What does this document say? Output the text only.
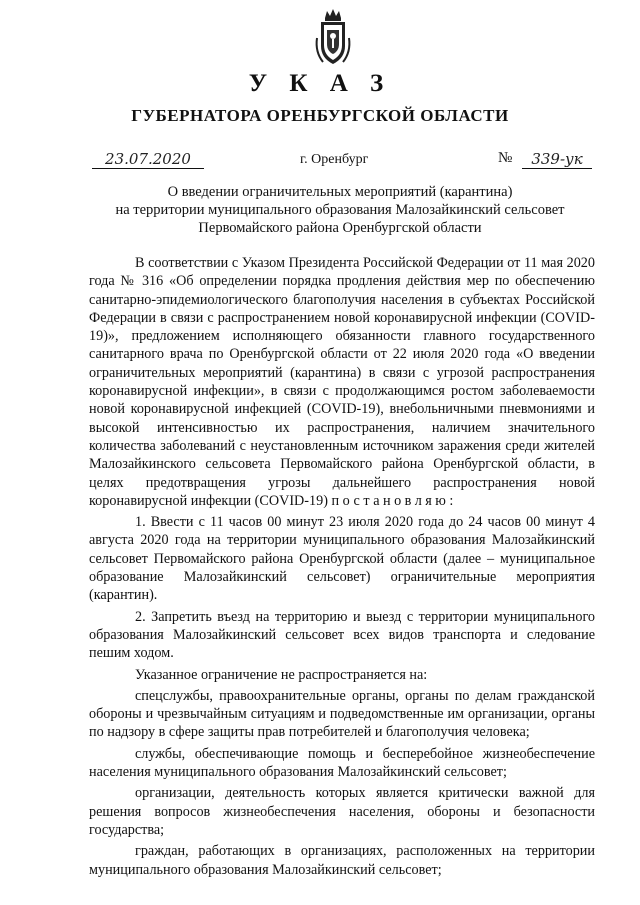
У К А З
ГУБЕРНАТОРА ОРЕНБУРГСКОЙ ОБЛАСТИ
23.07.2020	г. Оренбург	№	339-ук
О введении ограничительных мероприятий (карантина)
на территории муниципального образования Малозайкинский сельсовет
Первомайского района Оренбургской области

В соответствии с Указом Президента Российской Федерации от 11 мая 2020 года № 316 «Об определении порядка продления действия мер по обеспечению санитарно-эпидемиологического благополучия населения в субъектах Российской Федерации в связи с распространением новой коронавирусной инфекции (COVID-19)», предложением исполняющего обязанности главного государственного санитарного врача по Оренбургской области от 22 июля 2020 года «О введении ограничительных мероприятий (карантина) в связи с угрозой распространения коронавирусной инфекции», в связи с продолжающимся ростом заболеваемости новой коронавирусной инфекцией (COVID-19), внебольничными пневмониями и высокой интенсивностью их распространения, наличием значительного количества заболеваний с неустановленным источником заражения среди жителей Малозайкинского сельсовета Первомайского района Оренбургской области, в целях предотвращения угрозы дальнейшего распространения новой коронавирусной инфекции (COVID-19) постановляю:

1. Ввести с 11 часов 00 минут 23 июля 2020 года до 24 часов 00 минут 4 августа 2020 года на территории муниципального образования Малозайкинский сельсовет Первомайского района Оренбургской области (далее – муниципальное образование Малозайкинский сельсовет) ограничительные мероприятия (карантин).

2. Запретить въезд на территорию и выезд с территории муниципального образования Малозайкинский сельсовет всех видов транспорта и следование пешим ходом.

Указанное ограничение не распространяется на:

спецслужбы, правоохранительные органы, органы по делам гражданской обороны и чрезвычайным ситуациям и подведомственные им организации, органы по надзору в сфере защиты прав потребителей и благополучия человека;

службы, обеспечивающие помощь и бесперебойное жизнеобеспечение населения муниципального образования Малозайкинский сельсовет;

организации, деятельность которых является критически важной для решения вопросов жизнеобеспечения населения, обороны и безопасности государства;

граждан, работающих в организациях, расположенных на территории муниципального образования Малозайкинский сельсовет;
